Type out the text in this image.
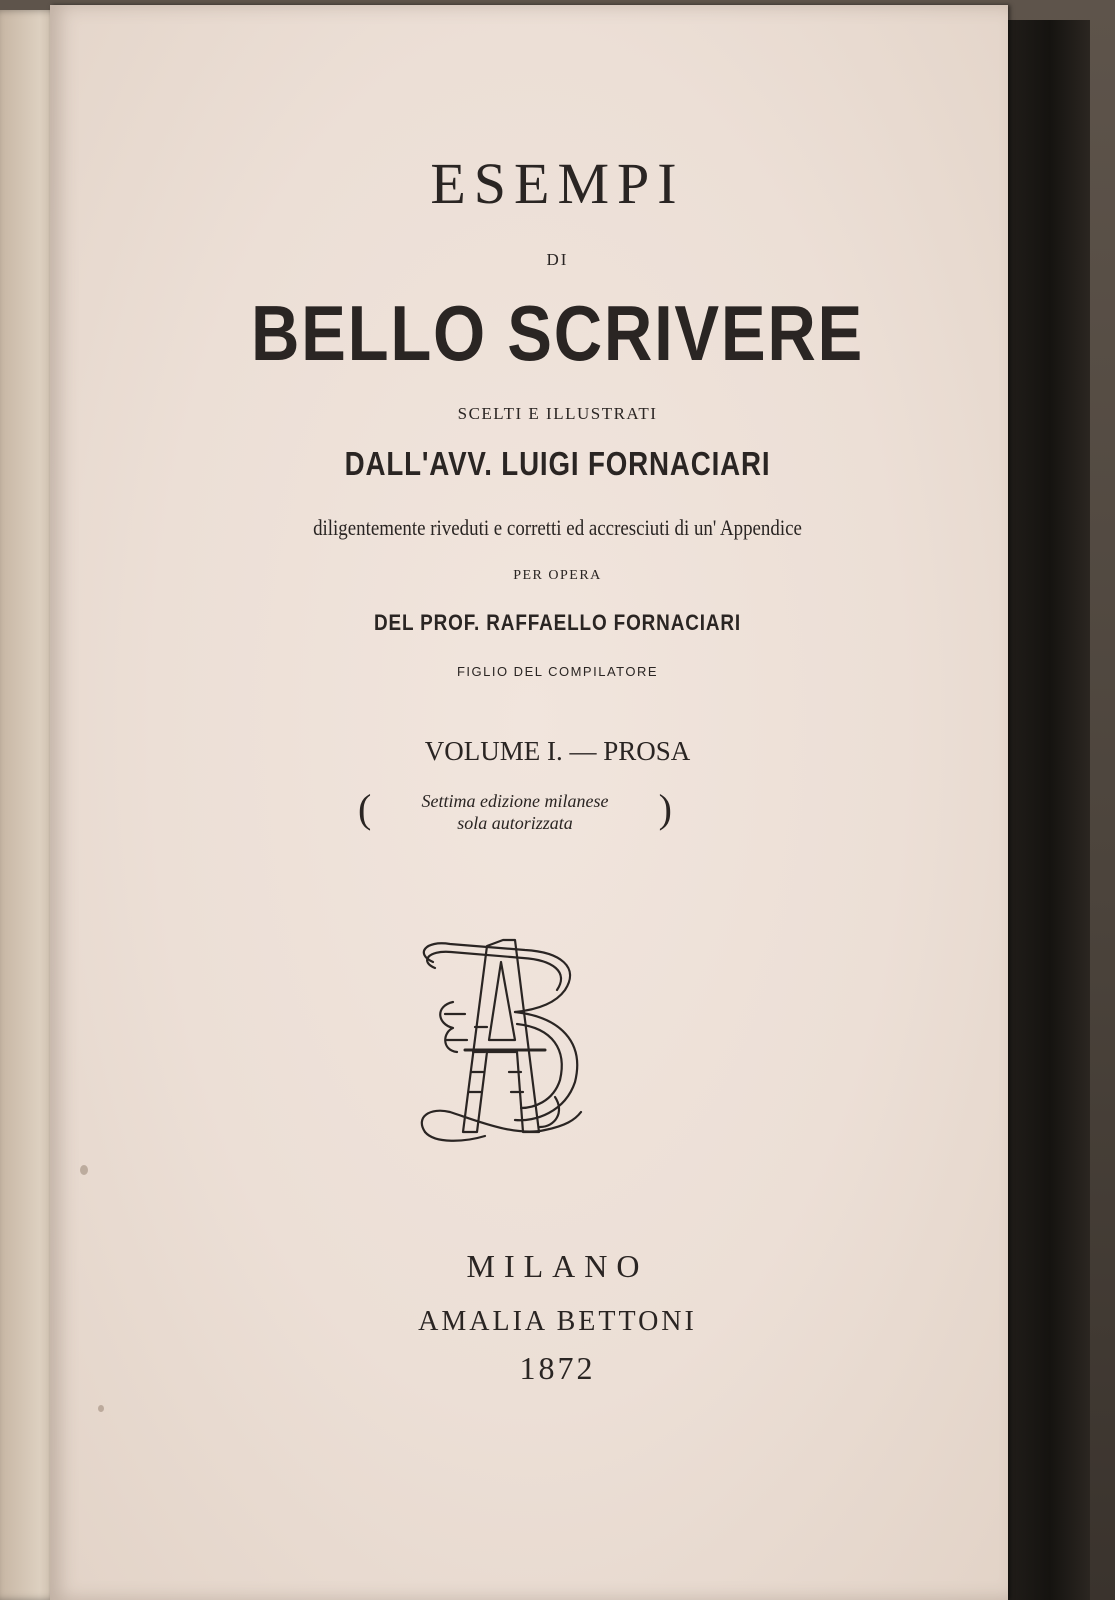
ESEMPI
DI
BELLO SCRIVERE
SCELTI E ILLUSTRATI
DALL'AVV. LUIGI FORNACIARI
diligentemente riveduti e corretti ed accresciuti di un' Appendice
PER OPERA
DEL PROF. RAFFAELLO FORNACIARI
FIGLIO DEL COMPILATORE
VOLUME I. — PROSA
(	Settima edizione milanese
sola autorizzata	)
MILANO
AMALIA BETTONI
1872
